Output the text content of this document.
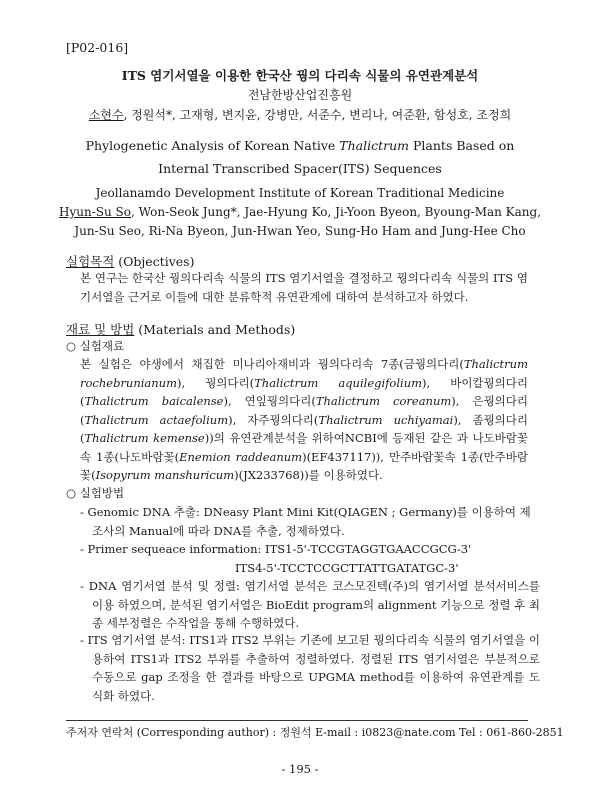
[P02-016]
ITS 염기서열을 이용한 한국산 꿩의 다리속 식물의 유연관계분석
전남한방산업진흥원
소현수, 정원석*, 고재형, 변지윤, 강병만, 서준수, 변리나, 여준환, 함성호, 조정희
Phylogenetic Analysis of Korean Native Thalictrum Plants Based on
Internal Transcribed Spacer(ITS) Sequences
Jeollanamdo Development Institute of Korean Traditional Medicine
Hyun-Su So, Won-Seok Jung*, Jae-Hyung Ko, Ji-Yoon Byeon, Byoung-Man Kang,
Jun-Su Seo, Ri-Na Byeon, Jun-Hwan Yeo, Sung-Ho Ham and Jung-Hee Cho
실험목적 (Objectives)
본 연구는 한국산 꿩의다리속 식물의 ITS 염기서열을 결정하고 꿩의다리속 식물의 ITS 염기서열을 근거로 이들에 대한 분류학적 유연관계에 대하여 분석하고자 하였다.
재료 및 방법 (Materials and Methods)
○ 실험재료
본 실험은 야생에서 채집한 미나리아재비과 꿩의다리속 7종(금꿩의다리(Thalictrum rochebrunianum), 꿩의다리(Thalictrum aquilegifolium), 바이칼꿩의다리(Thalictrum baicalense), 연잎꿩의다리(Thalictrum coreanum), 은꿩의다리(Thalictrum actaefolium), 자주꿩의다리(Thalictrum uchiyamai), 좀꿩의다리(Thalictrum kemense))의 유연관계분석을 위하여NCBI에 등재된 같은 과 나도바람꽃속 1종(나도바람꽃(Enemion raddeanum)(EF437117)), 만주바람꽃속 1종(만주바람꽃(Isopyrum manshuricum)(JX233768))를 이용하였다.
○ 실험방법
- Genomic DNA 추출: DNeasy Plant Mini Kit(QIAGEN ; Germany)를 이용하여 제조사의 Manual에 따라 DNA를 추출, 정제하였다.
- Primer sequeace information: ITS1-5'-TCCGTAGGTGAACCGCG-3'
ITS4-5'-TCCTCCGCTTATTGATATGC-3'
- DNA 염기서열 분석 및 정렬: 염기서열 분석은 코스모진텍(주)의 염기서열 분석서비스를 이용 하였으며, 분석된 염기서열은 BioEdit program의 alignment 기능으로 정렬 후 최종 세부정렬은 수작업을 통해 수행하였다.
- ITS 염기서열 분석: ITS1과 ITS2 부위는 기존에 보고된 꿩의다리속 식물의 염기서열을 이용하여 ITS1과 ITS2 부위를 추출하여 정렬하였다. 정렬된 ITS 염기서열은 부분적으로 수동으로 gap 조정을 한 결과를 바탕으로 UPGMA method를 이용하여 유연관계를 도식화 하였다.
주저자 연락처 (Corresponding author) : 정원석 E-mail : i0823@nate.com Tel : 061-860-2851
- 195 -
